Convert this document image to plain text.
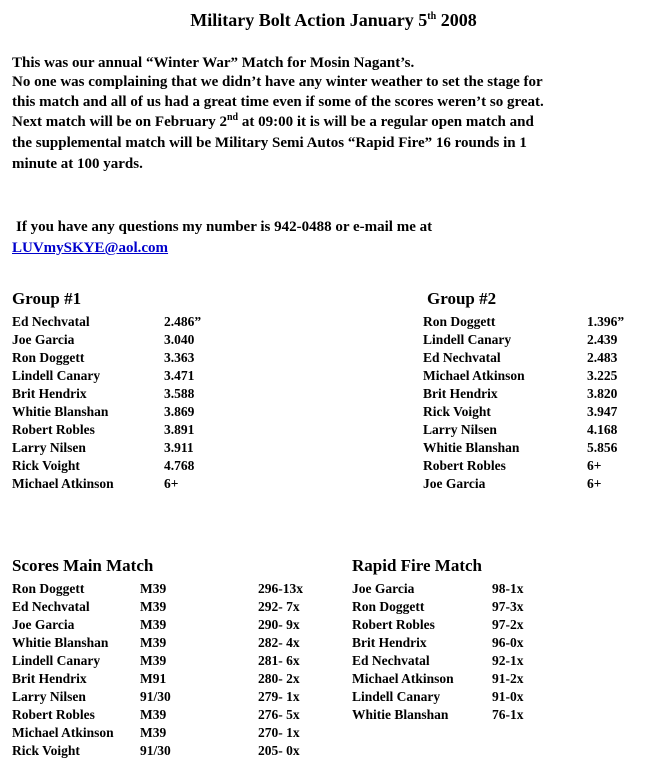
Military Bolt Action January 5th 2008
This was our annual “Winter War” Match for Mosin Nagant’s.
No one was complaining that we didn’t have any winter weather to set the stage for
this match and all of us had a great time even if some of the scores weren’t so great.
Next match will be on February 2nd at 09:00 it is will be a regular open match and
the supplemental match will be Military Semi Autos “Rapid Fire” 16 rounds in 1
minute at 100 yards.
If you have any questions my number is 942-0488 or e-mail me at
LUVmySKYE@aol.com
Group #1	Group #2
Ed Nechvatal	2.486”
Joe Garcia	3.040
Ron Doggett	3.363
Lindell Canary	3.471
Brit Hendrix	3.588
Whitie Blanshan	3.869
Robert Robles	3.891
Larry Nilsen	3.911
Rick Voight	4.768
Michael Atkinson	6+
Ron Doggett	1.396”
Lindell Canary	2.439
Ed Nechvatal	2.483
Michael Atkinson	3.225
Brit Hendrix	3.820
Rick Voight	3.947
Larry Nilsen	4.168
Whitie Blanshan	5.856
Robert Robles	6+
Joe Garcia	6+
Scores Main Match	Rapid Fire Match
Ron Doggett	M39	296-13x
Ed Nechvatal	M39	292- 7x
Joe Garcia	M39	290- 9x
Whitie Blanshan M39	282- 4x
Lindell Canary	M39	281- 6x
Brit Hendrix	M91	280- 2x
Larry Nilsen	91/30	279- 1x
Robert Robles	M39	276- 5x
Michael Atkinson M39	270- 1x
Rick Voight	91/30	205- 0x
Joe Garcia	98-1x
Ron Doggett	97-3x
Robert Robles	97-2x
Brit Hendrix	96-0x
Ed Nechvatal	92-1x
Michael Atkinson	91-2x
Lindell Canary	91-0x
Whitie Blanshan	76-1x
